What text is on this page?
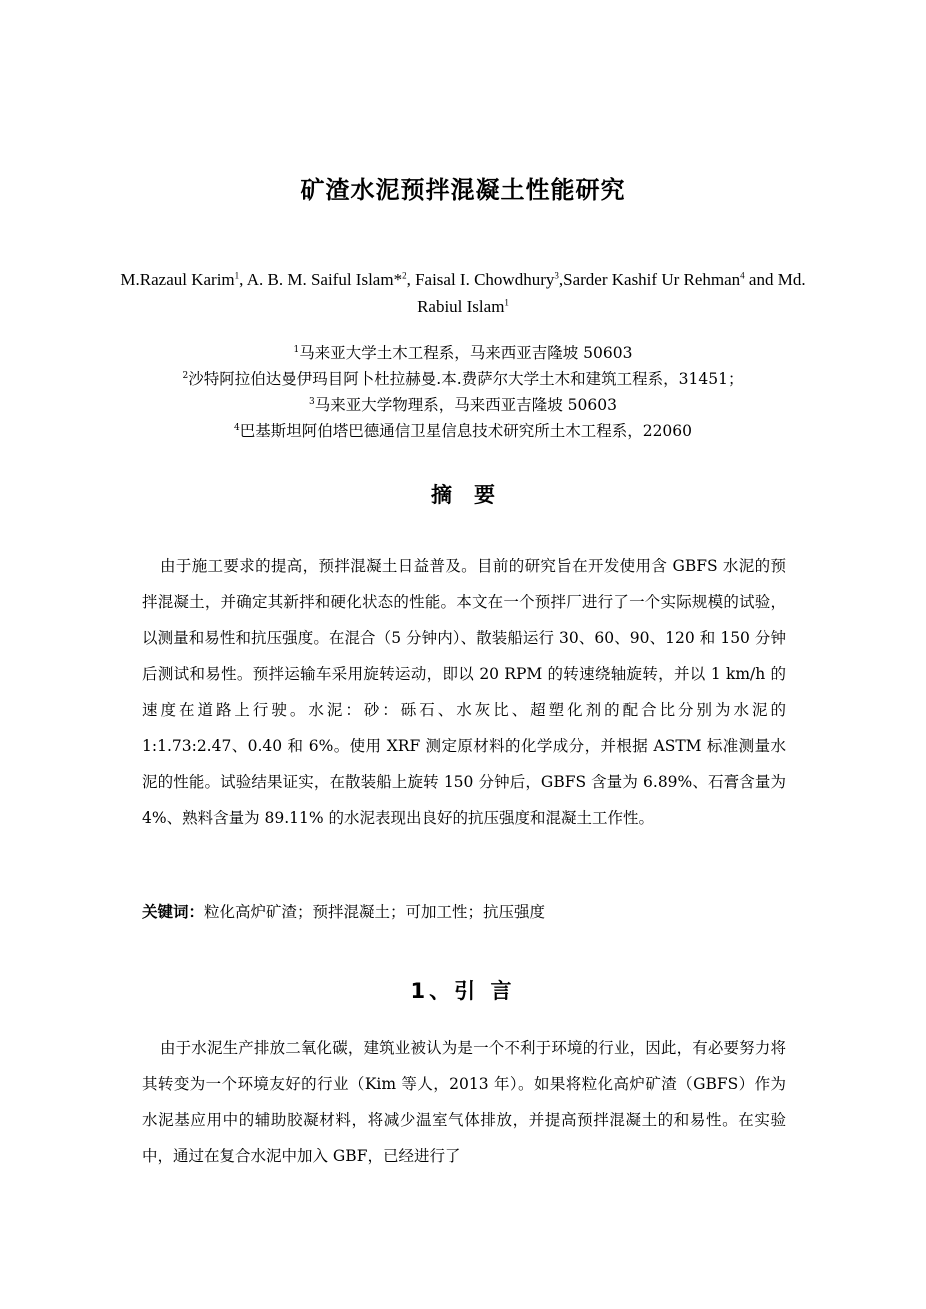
矿渣水泥预拌混凝土性能研究
M.Razaul Karim$^1$, A. B. M. Saiful Islam*$^2$, Faisal I. Chowdhury$^3$,Sarder Kashif Ur Rehman$^4$ and Md. Rabiul Islam$^1$
$^1$马来亚大学土木工程系，马来西亚吉隆坡 50603
$^2$沙特阿拉伯达曼伊玛目阿卜杜拉赫曼.本.费萨尔大学土木和建筑工程系，31451；
$^3$马来亚大学物理系，马来西亚吉隆坡 50603
$^4$巴基斯坦阿伯塔巴德通信卫星信息技术研究所土木工程系，22060
摘要

由于施工要求的提高，预拌混凝土日益普及。目前的研究旨在开发使用含 GBFS 水泥的预拌混凝土，并确定其新拌和硬化状态的性能。本文在一个预拌厂进行了一个实际规模的试验，以测量和易性和抗压强度。在混合（5 分钟内）、散装船运行 30、60、90、120 和 150 分钟后测试和易性。预拌运输车采用旋转运动，即以 20 RPM 的转速绕轴旋转，并以 1 km/h 的速度在道路上行驶。水泥：砂：砾石、水灰比、超塑化剂的配合比分别为水泥的 1:1.73:2.47、0.40 和 6%。使用 XRF 测定原材料的化学成分，并根据 ASTM 标准测量水泥的性能。试验结果证实，在散装船上旋转 150 分钟后，GBFS 含量为 6.89%、石膏含量为 4%、熟料含量为 89.11% 的水泥表现出良好的抗压强度和混凝土工作性。

关键词：粒化高炉矿渣；预拌混凝土；可加工性；抗压强度
1、引 言

由于水泥生产排放二氧化碳，建筑业被认为是一个不利于环境的行业，因此，有必要努力将其转变为一个环境友好的行业（Kim 等人，2013 年）。如果将粒化高炉矿渣（GBFS）作为水泥基应用中的辅助胶凝材料，将减少温室气体排放，并提高预拌混凝土的和易性。在实验中，通过在复合水泥中加入 GBF，已经进行了
